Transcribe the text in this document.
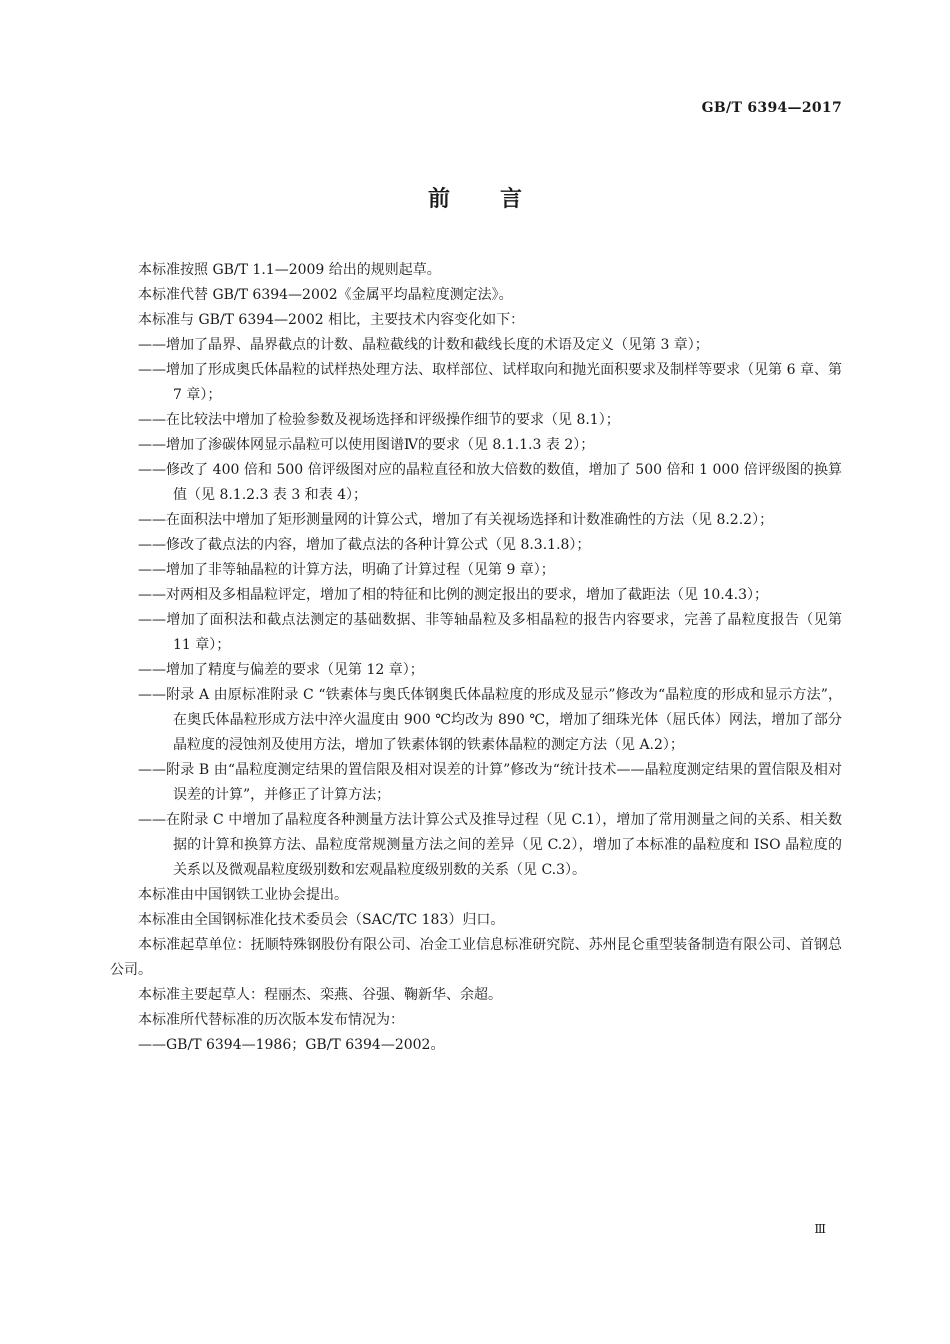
GB/T 6394—2017
前言

本标准按照 GB/T 1.1—2009 给出的规则起草。

本标准代替 GB/T 6394—2002《金属平均晶粒度测定法》。

本标准与 GB/T 6394—2002 相比，主要技术内容变化如下：

——增加了晶界、晶界截点的计数、晶粒截线的计数和截线长度的术语及定义（见第 3 章）；

——增加了形成奥氏体晶粒的试样热处理方法、取样部位、试样取向和抛光面积要求及制样等要求（见第 6 章、第 7 章）；

——在比较法中增加了检验参数及视场选择和评级操作细节的要求（见 8.1）；

——增加了渗碳体网显示晶粒可以使用图谱Ⅳ的要求（见 8.1.1.3 表 2）；

——修改了 400 倍和 500 倍评级图对应的晶粒直径和放大倍数的数值，增加了 500 倍和 1 000 倍评级图的换算值（见 8.1.2.3 表 3 和表 4）；

——在面积法中增加了矩形测量网的计算公式，增加了有关视场选择和计数准确性的方法（见 8.2.2）；

——修改了截点法的内容，增加了截点法的各种计算公式（见 8.3.1.8）；

——增加了非等轴晶粒的计算方法，明确了计算过程（见第 9 章）；

——对两相及多相晶粒评定，增加了相的特征和比例的测定报出的要求，增加了截距法（见 10.4.3）；

——增加了面积法和截点法测定的基础数据、非等轴晶粒及多相晶粒的报告内容要求，完善了晶粒度报告（见第 11 章）；

——增加了精度与偏差的要求（见第 12 章）；

——附录 A 由原标准附录 C “铁素体与奥氏体钢奥氏体晶粒度的形成及显示”修改为“晶粒度的形成和显示方法”，在奥氏体晶粒形成方法中淬火温度由 900 ℃均改为 890 ℃，增加了细珠光体（屈氏体）网法，增加了部分晶粒度的浸蚀剂及使用方法，增加了铁素体钢的铁素体晶粒的测定方法（见 A.2）；

——附录 B 由“晶粒度测定结果的置信限及相对误差的计算”修改为“统计技术——晶粒度测定结果的置信限及相对误差的计算”，并修正了计算方法；

——在附录 C 中增加了晶粒度各种测量方法计算公式及推导过程（见 C.1），增加了常用测量之间的关系、相关数据的计算和换算方法、晶粒度常规测量方法之间的差异（见 C.2），增加了本标准的晶粒度和 ISO 晶粒度的关系以及微观晶粒度级别数和宏观晶粒度级别数的关系（见 C.3）。

本标准由中国钢铁工业协会提出。

本标准由全国钢标准化技术委员会（SAC/TC 183）归口。

本标准起草单位：抚顺特殊钢股份有限公司、冶金工业信息标准研究院、苏州昆仑重型装备制造有限公司、首钢总公司。

本标准主要起草人：程丽杰、栾燕、谷强、鞠新华、余超。

本标准所代替标准的历次版本发布情况为：

——GB/T 6394—1986；GB/T 6394—2002。

Ⅲ
